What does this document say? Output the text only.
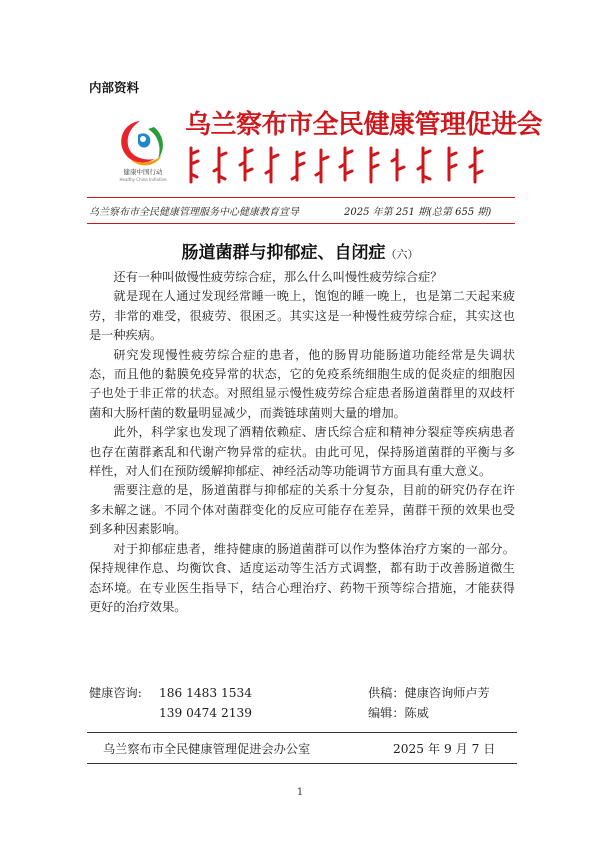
内部资料
健康中国行动
Healthy China Initiative
乌兰察布市全民健康管理促进会
乌兰察布市全民健康管理服务中心健康教育宣导	2025 年第 251 期(总第 655 期)
肠道菌群与抑郁症、自闭症（六）

还有一种叫做慢性疲劳综合症，那么什么叫慢性疲劳综合症？

就是现在人通过发现经常睡一晚上，饱饱的睡一晚上，也是第二天起来疲劳，非常的难受，很疲劳、很困乏。其实这是一种慢性疲劳综合症，其实这也是一种疾病。

研究发现慢性疲劳综合症的患者，他的肠胃功能肠道功能经常是失调状态，而且他的黏膜免疫异常的状态，它的免疫系统细胞生成的促炎症的细胞因子也处于非正常的状态。对照组显示慢性疲劳综合症患者肠道菌群里的双歧杆菌和大肠杆菌的数量明显减少，而粪链球菌则大量的增加。

此外，科学家也发现了酒精依赖症、唐氏综合症和精神分裂症等疾病患者也存在菌群紊乱和代谢产物异常的症状。由此可见，保持肠道菌群的平衡与多样性，对人们在预防缓解抑郁症、神经活动等功能调节方面具有重大意义。

需要注意的是，肠道菌群与抑郁症的关系十分复杂，目前的研究仍存在许多未解之谜。不同个体对菌群变化的反应可能存在差异，菌群干预的效果也受到多种因素影响。

对于抑郁症患者，维持健康的肠道菌群可以作为整体治疗方案的一部分。保持规律作息、均衡饮食、适度运动等生活方式调整，都有助于改善肠道微生态环境。在专业医生指导下，结合心理治疗、药物干预等综合措施，才能获得更好的治疗效果。

健康咨询: 186 1483 1534	供稿：健康咨询师卢芳
139 0474 2139	编辑：陈威
乌兰察布市全民健康管理促进会办公室	2025 年 9 月 7 日
1
